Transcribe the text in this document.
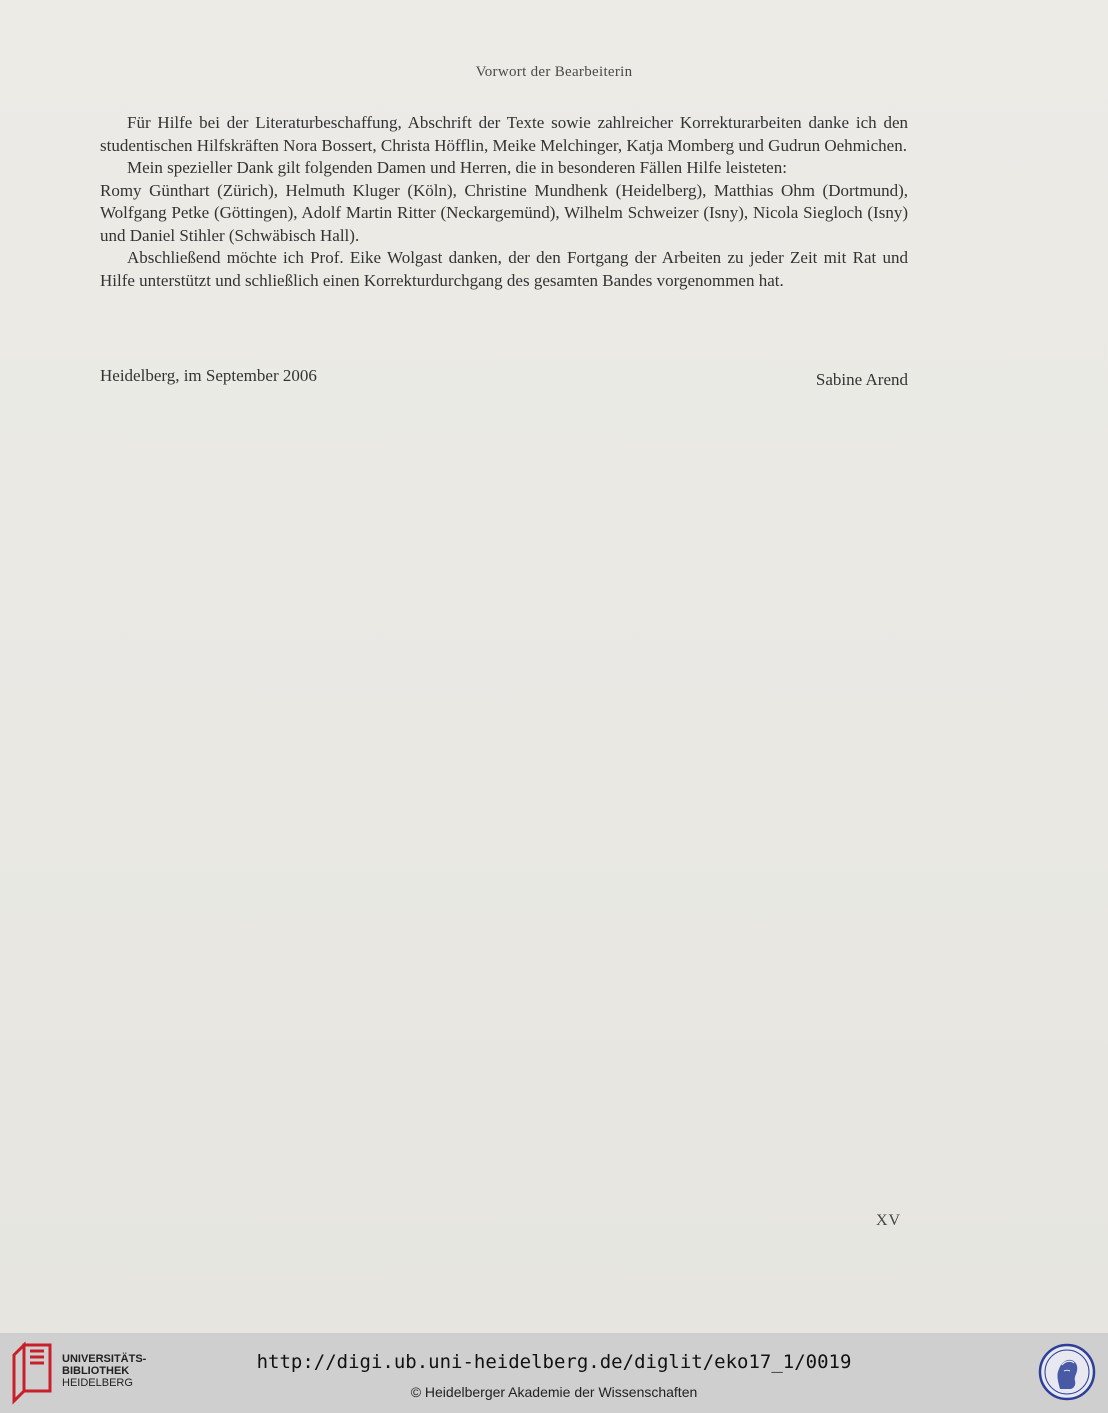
Vorwort der Bearbeiterin

Für Hilfe bei der Literaturbeschaffung, Abschrift der Texte sowie zahlreicher Korrekturarbeiten danke ich den studentischen Hilfskräften Nora Bossert, Christa Höfflin, Meike Melchinger, Katja Momberg und Gudrun Oehmichen.

Mein spezieller Dank gilt folgenden Damen und Herren, die in besonderen Fällen Hilfe leisteten:

Romy Günthart (Zürich), Helmuth Kluger (Köln), Christine Mundhenk (Heidelberg), Matthias Ohm (Dortmund), Wolfgang Petke (Göttingen), Adolf Martin Ritter (Neckargemünd), Wilhelm Schweizer (Isny), Nicola Siegloch (Isny) und Daniel Stihler (Schwäbisch Hall).

Abschließend möchte ich Prof. Eike Wolgast danken, der den Fortgang der Arbeiten zu jeder Zeit mit Rat und Hilfe unterstützt und schließlich einen Korrekturdurchgang des gesamten Bandes vorgenommen hat.

Heidelberg, im September 2006	Sabine Arend
XV
UNIVERSITÄTS-
BIBLIOTHEK
HEIDELBERG
http://digi.ub.uni-heidelberg.de/diglit/eko17_1/0019
© Heidelberger Akademie der Wissenschaften
